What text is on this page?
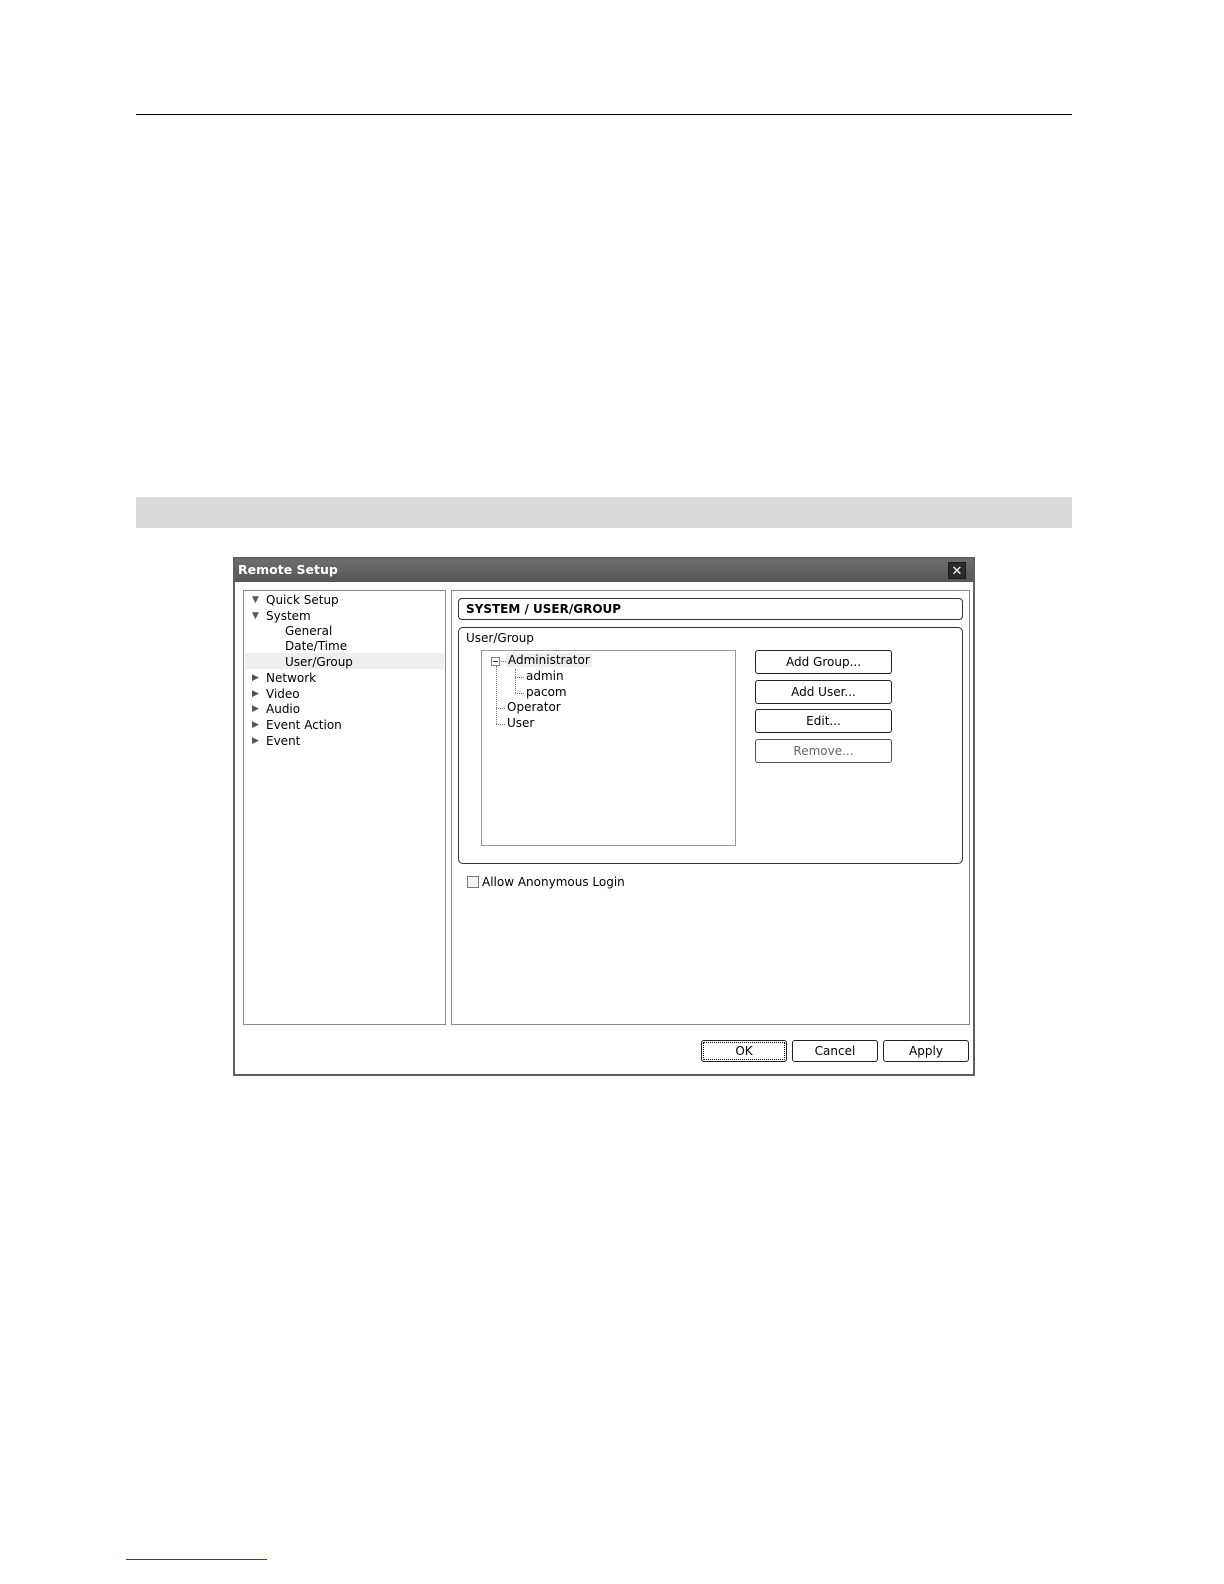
Remote Setup	✕
▼ Quick Setup
▼ System
General
Date/Time
User/Group
▶ Network
▶ Video
▶ Audio
▶ Event Action
▶ Event
SYSTEM / USER/GROUP
User/Group
Administrator
admin
pacom
Operator
User
Add Group...
Add User...
Edit...
Remove...
Allow Anonymous Login
OK	Cancel	Apply
